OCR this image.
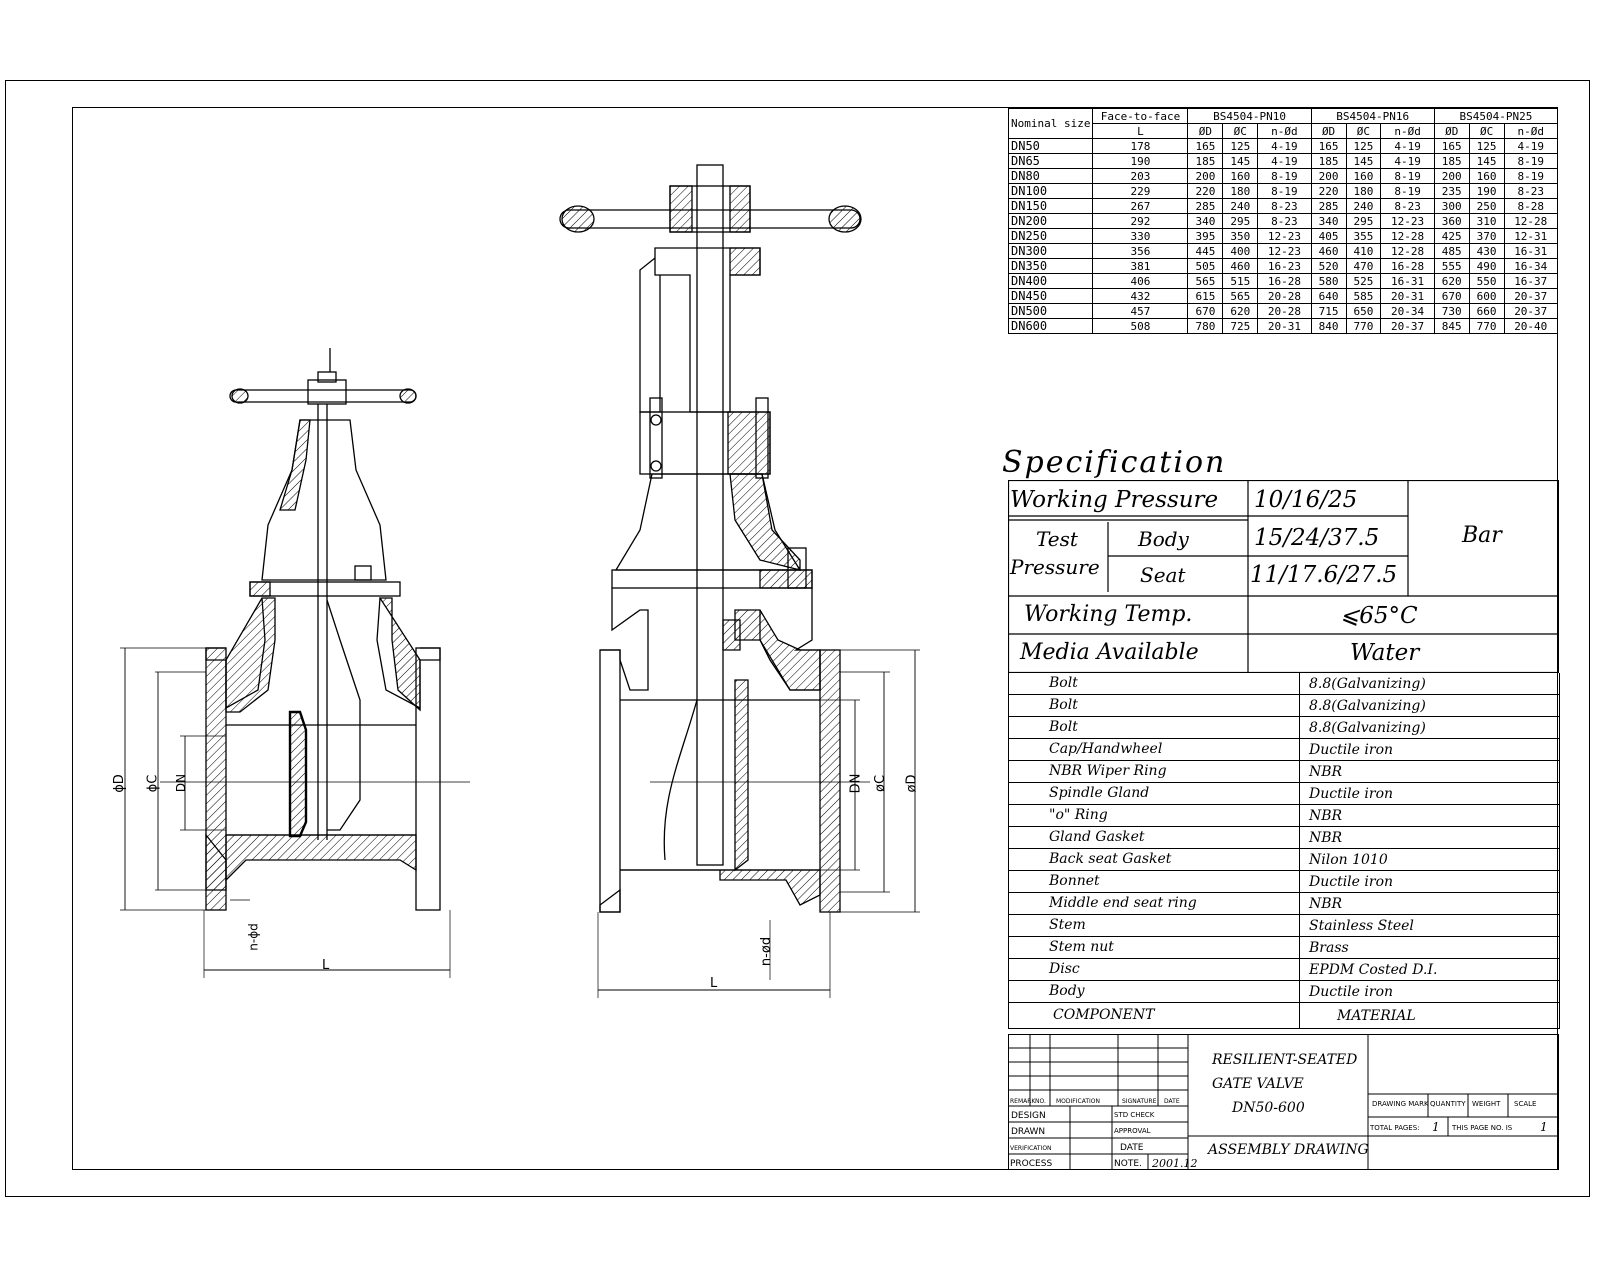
ϕD ϕC DN
n-ϕd
L
DN øC øD
n-ød
L
Nominal size	Face-to-face	BS4504-PN10			BS4504-PN16			BS4504-PN25		
	L	ØD	ØC	n-Ød	ØD	ØC	n-Ød	ØD	ØC	n-Ød
DN50	178	165	125	4-19	165	125	4-19	165	125	4-19
DN65	190	185	145	4-19	185	145	4-19	185	145	8-19
DN80	203	200	160	8-19	200	160	8-19	200	160	8-19
DN100	229	220	180	8-19	220	180	8-19	235	190	8-23
DN150	267	285	240	8-23	285	240	8-23	300	250	8-28
DN200	292	340	295	8-23	340	295	12-23	360	310	12-28
DN250	330	395	350	12-23	405	355	12-28	425	370	12-31
DN300	356	445	400	12-23	460	410	12-28	485	430	16-31
DN350	381	505	460	16-23	520	470	16-28	555	490	16-34
DN400	406	565	515	16-28	580	525	16-31	620	550	16-37
DN450	432	615	565	20-28	640	585	20-31	670	600	20-37
DN500	457	670	620	20-28	715	650	20-34	730	660	20-37
DN600	508	780	725	20-31	840	770	20-37	845	770	20-40
Specification
Working Pressure 10/16/25
Test
Pressure
Body	15/24/37.5
Seat	11/17.6/27.5
Bar
Working Temp.	⩽65°C
Media Available	Water
Bolt	8.8(Galvanizing)
Bolt	8.8(Galvanizing)
Bolt	8.8(Galvanizing)
Cap/Handwheel	Ductile iron
NBR Wiper Ring	NBR
Spindle Gland	Ductile iron
"o" Ring	NBR
Gland Gasket	NBR
Back seat Gasket	Nilon 1010
Bonnet	Ductile iron
Middle end seat ring	NBR
Stem	Stainless Steel
Stem nut	Brass
Disc	EPDM Costed D.I.
Body	Ductile iron
COMPONENT	MATERIAL
REMARK NO. MODIFICATION	SIGNATURE DATE
DESIGN
DRAWN
VERIFICATION
PROCESS
STD CHECK
APPROVAL
DATE
NOTE. 2001.12
RESILIENT-SEATED
GATE VALVE
DN50-600
ASSEMBLY DRAWING
DRAWING MARK QUANTITY WEIGHT SCALE
TOTAL PAGES: 1 THIS PAGE NO. IS 1
